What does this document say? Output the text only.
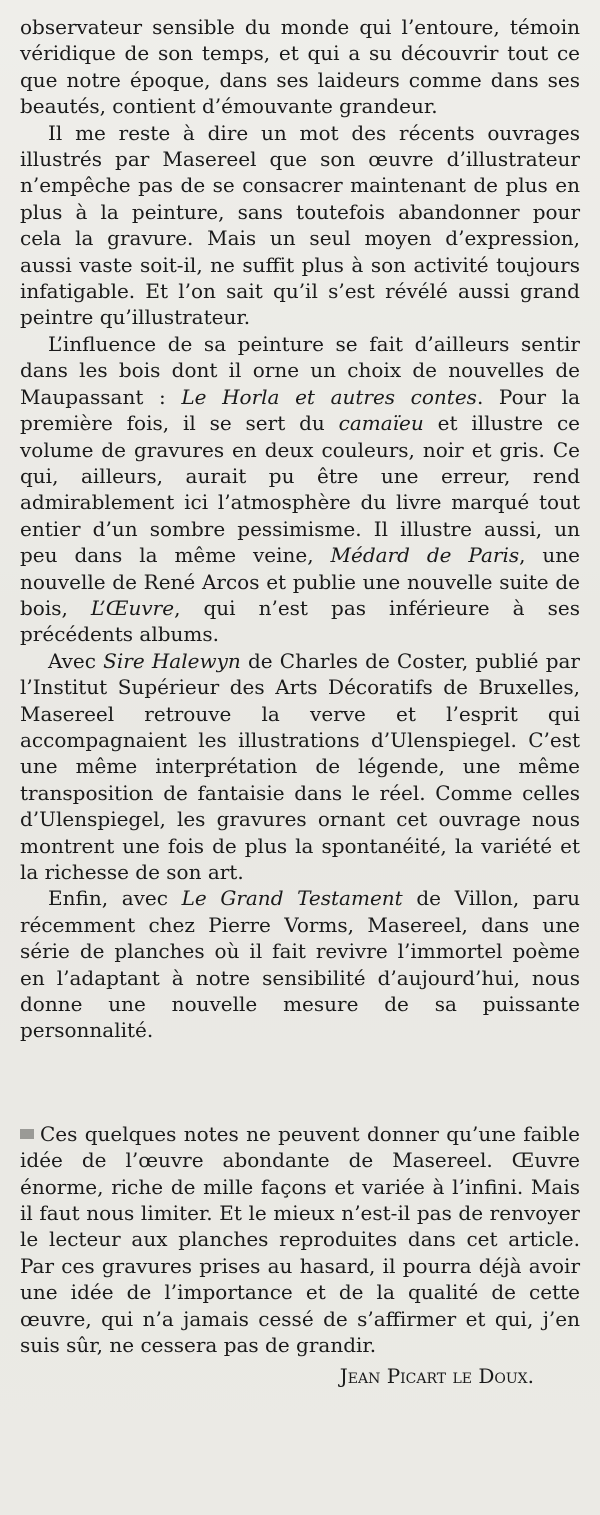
observateur sensible du monde qui l’entoure, témoin véridique de son temps, et qui a su découvrir tout ce que notre époque, dans ses laideurs comme dans ses beautés, contient d’émouvante grandeur.

Il me reste à dire un mot des récents ouvrages illustrés par Masereel que son œuvre d’illustrateur n’empêche pas de se consacrer maintenant de plus en plus à la peinture, sans toutefois abandonner pour cela la gravure. Mais un seul moyen d’expression, aussi vaste soit-il, ne suffit plus à son activité toujours infatigable. Et l’on sait qu’il s’est révélé aussi grand peintre qu’illustrateur.

L’influence de sa peinture se fait d’ailleurs sentir dans les bois dont il orne un choix de nouvelles de Maupassant : Le Horla et autres contes. Pour la première fois, il se sert du camaïeu et illustre ce volume de gravures en deux couleurs, noir et gris. Ce qui, ailleurs, aurait pu être une erreur, rend admirablement ici l’atmosphère du livre marqué tout entier d’un sombre pessimisme. Il illustre aussi, un peu dans la même veine, Médard de Paris, une nouvelle de René Arcos et publie une nouvelle suite de bois, L’Œuvre, qui n’est pas inférieure à ses précédents albums.

Avec Sire Halewyn de Charles de Coster, publié par l’Institut Supérieur des Arts Décoratifs de Bruxelles, Masereel retrouve la verve et l’esprit qui accompagnaient les illustrations d’Ulenspiegel. C’est une même interprétation de légende, une même transposition de fantaisie dans le réel. Comme celles d’Ulenspiegel, les gravures ornant cet ouvrage nous montrent une fois de plus la spontanéité, la variété et la richesse de son art.

Enfin, avec Le Grand Testament de Villon, paru récemment chez Pierre Vorms, Masereel, dans une série de planches où il fait revivre l’immortel poème en l’adaptant à notre sensibilité d’aujourd’hui, nous donne une nouvelle mesure de sa puissante personnalité.

Ces quelques notes ne peuvent donner qu’une faible idée de l’œuvre abondante de Masereel. Œuvre énorme, riche de mille façons et variée à l’infini. Mais il faut nous limiter. Et le mieux n’est-il pas de renvoyer le lecteur aux planches reproduites dans cet article. Par ces gravures prises au hasard, il pourra déjà avoir une idée de l’importance et de la qualité de cette œuvre, qui n’a jamais cessé de s’affirmer et qui, j’en suis sûr, ne cessera pas de grandir.

Jean Picart le Doux.
